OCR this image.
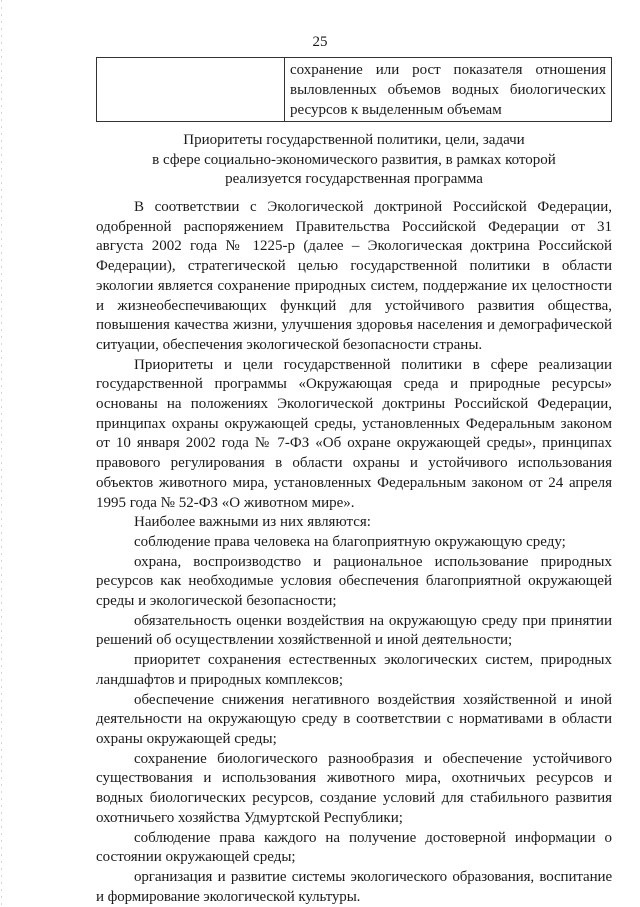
25

сохранение или рост показателя отношения
выловленных объемов водных биологических
ресурсов к выделенным объемам
Приоритеты государственной политики, цели, задачи
в сфере социально-экономического развития, в рамках которой
реализуется государственная программа

В соответствии с Экологической доктриной Российской Федерации, одобренной распоряжением Правительства Российской Федерации от 31 августа 2002 года № 1225-р (далее – Экологическая доктрина Российской Федерации), стратегической целью государственной политики в области экологии является сохранение природных систем, поддержание их целостности и жизнеобеспечивающих функций для устойчивого развития общества, повышения качества жизни, улучшения здоровья населения и демографической ситуации, обеспечения экологической безопасности страны.

Приоритеты и цели государственной политики в сфере реализации государственной программы «Окружающая среда и природные ресурсы» основаны на положениях Экологической доктрины Российской Федерации, принципах охраны окружающей среды, установленных Федеральным законом от 10 января 2002 года № 7-ФЗ «Об охране окружающей среды», принципах правового регулирования в области охраны и устойчивого использования объектов животного мира, установленных Федеральным законом от 24 апреля 1995 года № 52-ФЗ «О животном мире».

Наиболее важными из них являются:

соблюдение права человека на благоприятную окружающую среду;

охрана, воспроизводство и рациональное использование природных ресурсов как необходимые условия обеспечения благоприятной окружающей среды и экологической безопасности;

обязательность оценки воздействия на окружающую среду при принятии решений об осуществлении хозяйственной и иной деятельности;

приоритет сохранения естественных экологических систем, природных ландшафтов и природных комплексов;

обеспечение снижения негативного воздействия хозяйственной и иной деятельности на окружающую среду в соответствии с нормативами в области охраны окружающей среды;

сохранение биологического разнообразия и обеспечение устойчивого существования и использования животного мира, охотничьих ресурсов и водных биологических ресурсов, создание условий для стабильного развития охотничьего хозяйства Удмуртской Республики;

соблюдение права каждого на получение достоверной информации о состоянии окружающей среды;

организация и развитие системы экологического образования, воспитание и формирование экологической культуры.
